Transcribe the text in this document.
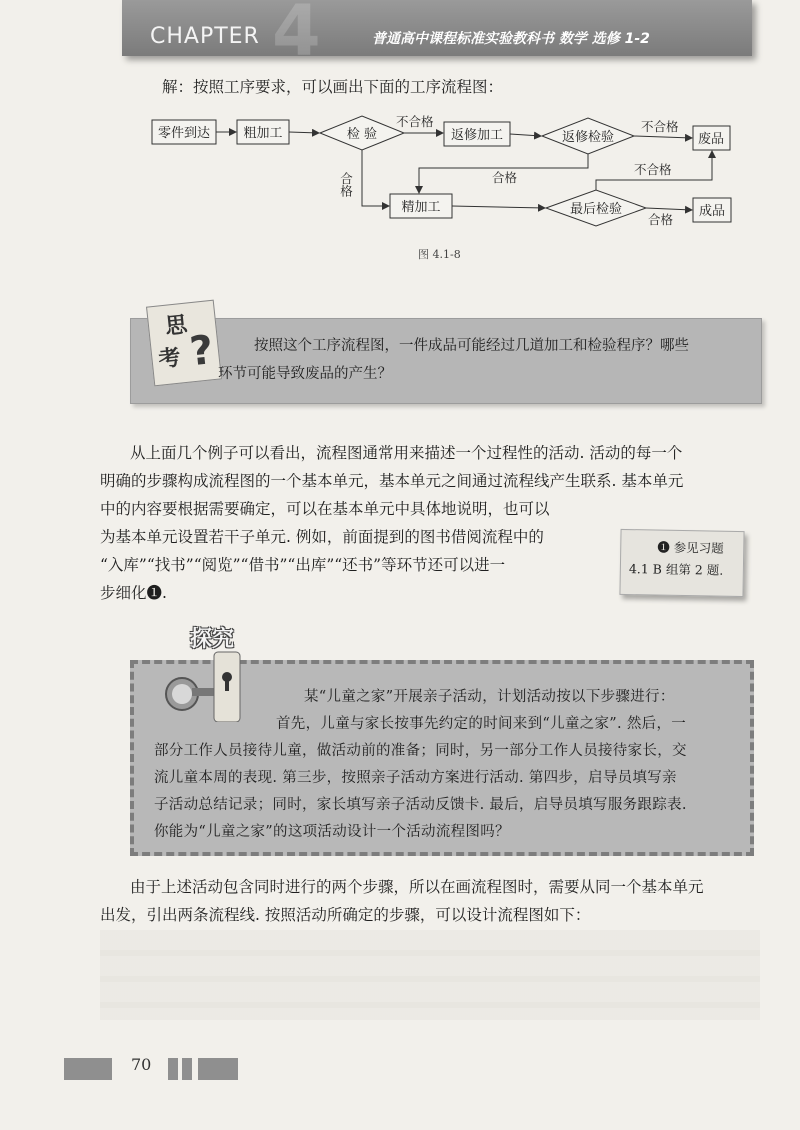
4
CHAPTER	普通高中课程标准实验教科书 数学 选修 1-2
解：按照工序要求，可以画出下面的工序流程图：
零件到达	粗加工	检 验	返修加工	返修检验	废品
精加工	最后检验	成品
不合格	不合格
不合格
合格
合格
合格
图 4.1-8
思
考 ?	按照这个工序流程图，一件成品可能经过几道加工和检验程序？哪些
环节可能导致废品的产生？
从上面几个例子可以看出，流程图通常用来描述一个过程性的活动. 活动的每一个
明确的步骤构成流程图的一个基本单元，基本单元之间通过流程线产生联系. 基本单元
中的内容要根据需要确定，可以在基本单元中具体地说明，也可以
为基本单元设置若干子单元. 例如，前面提到的图书借阅流程中的
“入库”“找书”“阅览”“借书”“出库”“还书”等环节还可以进一
步细化❶.
❶ 参见习题
4.1 B 组第 2 题.
探究
某“儿童之家”开展亲子活动，计划活动按以下步骤进行：
首先，儿童与家长按事先约定的时间来到“儿童之家”. 然后，一
部分工作人员接待儿童，做活动前的准备；同时，另一部分工作人员接待家长，交
流儿童本周的表现. 第三步，按照亲子活动方案进行活动. 第四步，启导员填写亲
子活动总结记录；同时，家长填写亲子活动反馈卡. 最后，启导员填写服务跟踪表.
你能为“儿童之家”的这项活动设计一个活动流程图吗？
由于上述活动包含同时进行的两个步骤，所以在画流程图时，需要从同一个基本单元
出发，引出两条流程线. 按照活动所确定的步骤，可以设计流程图如下：
70
